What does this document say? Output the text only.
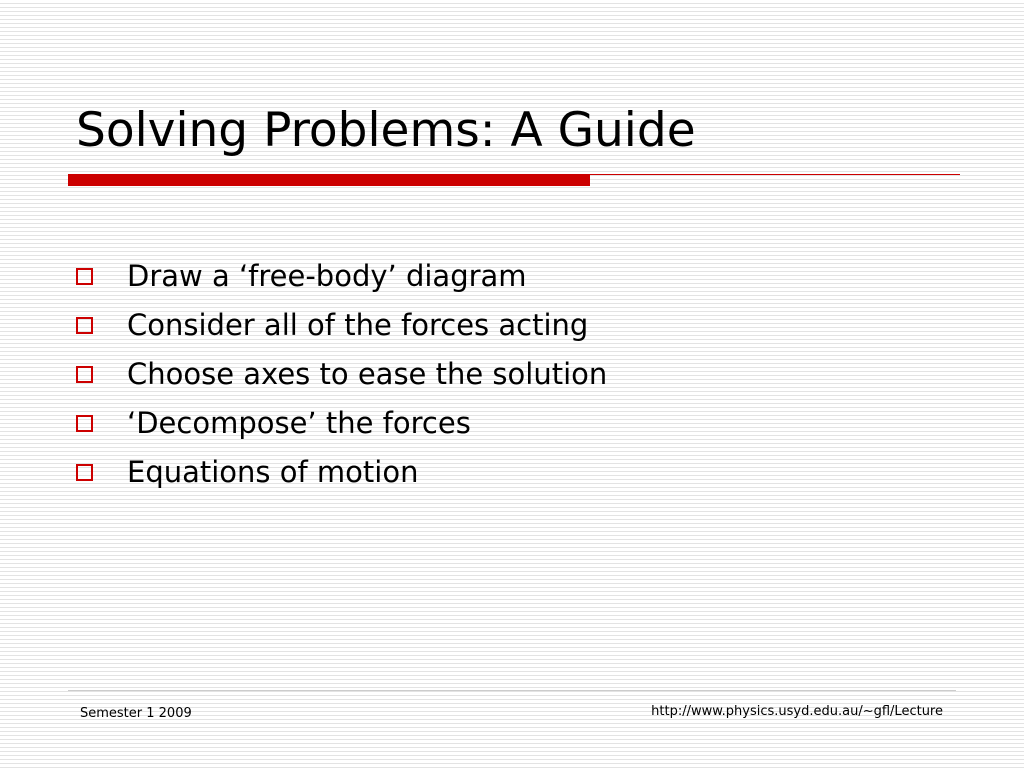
Solving Problems: A Guide
Draw a ‘free-body’ diagram
Consider all of the forces acting
Choose axes to ease the solution
‘Decompose’ the forces
Equations of motion
Semester 1 2009	http://www.physics.usyd.edu.au/~gfl/Lecture
